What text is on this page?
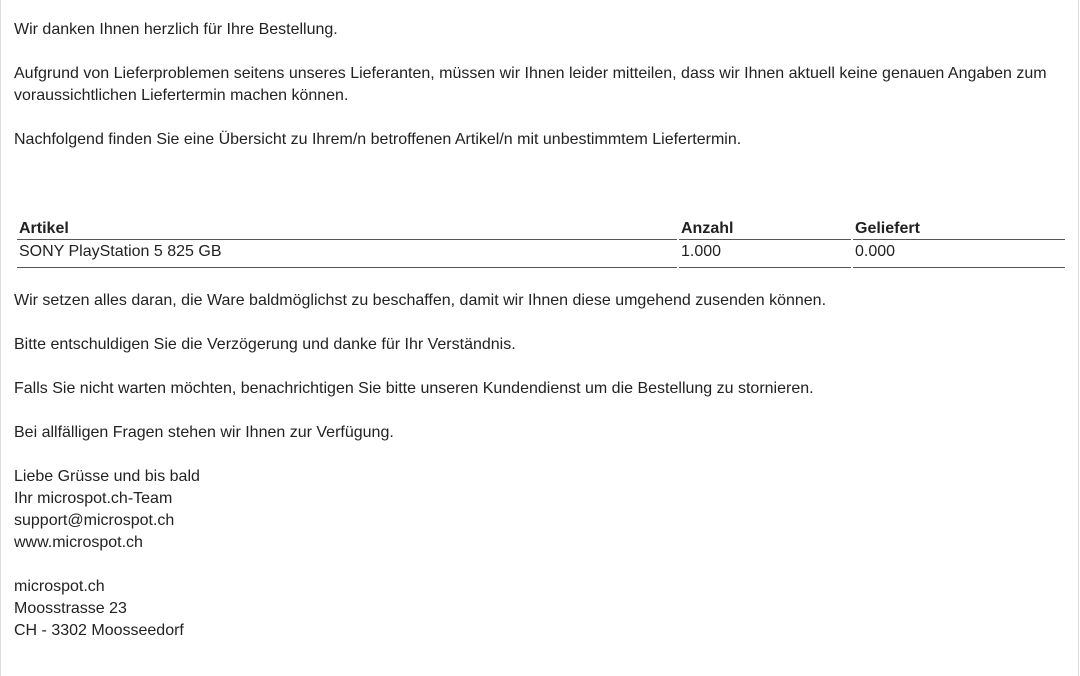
Wir danken Ihnen herzlich für Ihre Bestellung.

Aufgrund von Lieferproblemen seitens unseres Lieferanten, müssen wir Ihnen leider mitteilen, dass wir Ihnen aktuell keine genauen Angaben zum voraussichtlichen Liefertermin machen können.

Nachfolgend finden Sie eine Übersicht zu Ihrem/n betroffenen Artikel/n mit unbestimmtem Liefertermin.

Artikel	Anzahl	Geliefert
SONY PlayStation 5 825 GB	1.000	0.000

Wir setzen alles daran, die Ware baldmöglichst zu beschaffen, damit wir Ihnen diese umgehend zusenden können.

Bitte entschuldigen Sie die Verzögerung und danke für Ihr Verständnis.

Falls Sie nicht warten möchten, benachrichtigen Sie bitte unseren Kundendienst um die Bestellung zu stornieren.

Bei allfälligen Fragen stehen wir Ihnen zur Verfügung.

Liebe Grüsse und bis bald
Ihr microspot.ch-Team
support@microspot.ch
www.microspot.ch
microspot.ch
Moosstrasse 23
CH - 3302 Moosseedorf
